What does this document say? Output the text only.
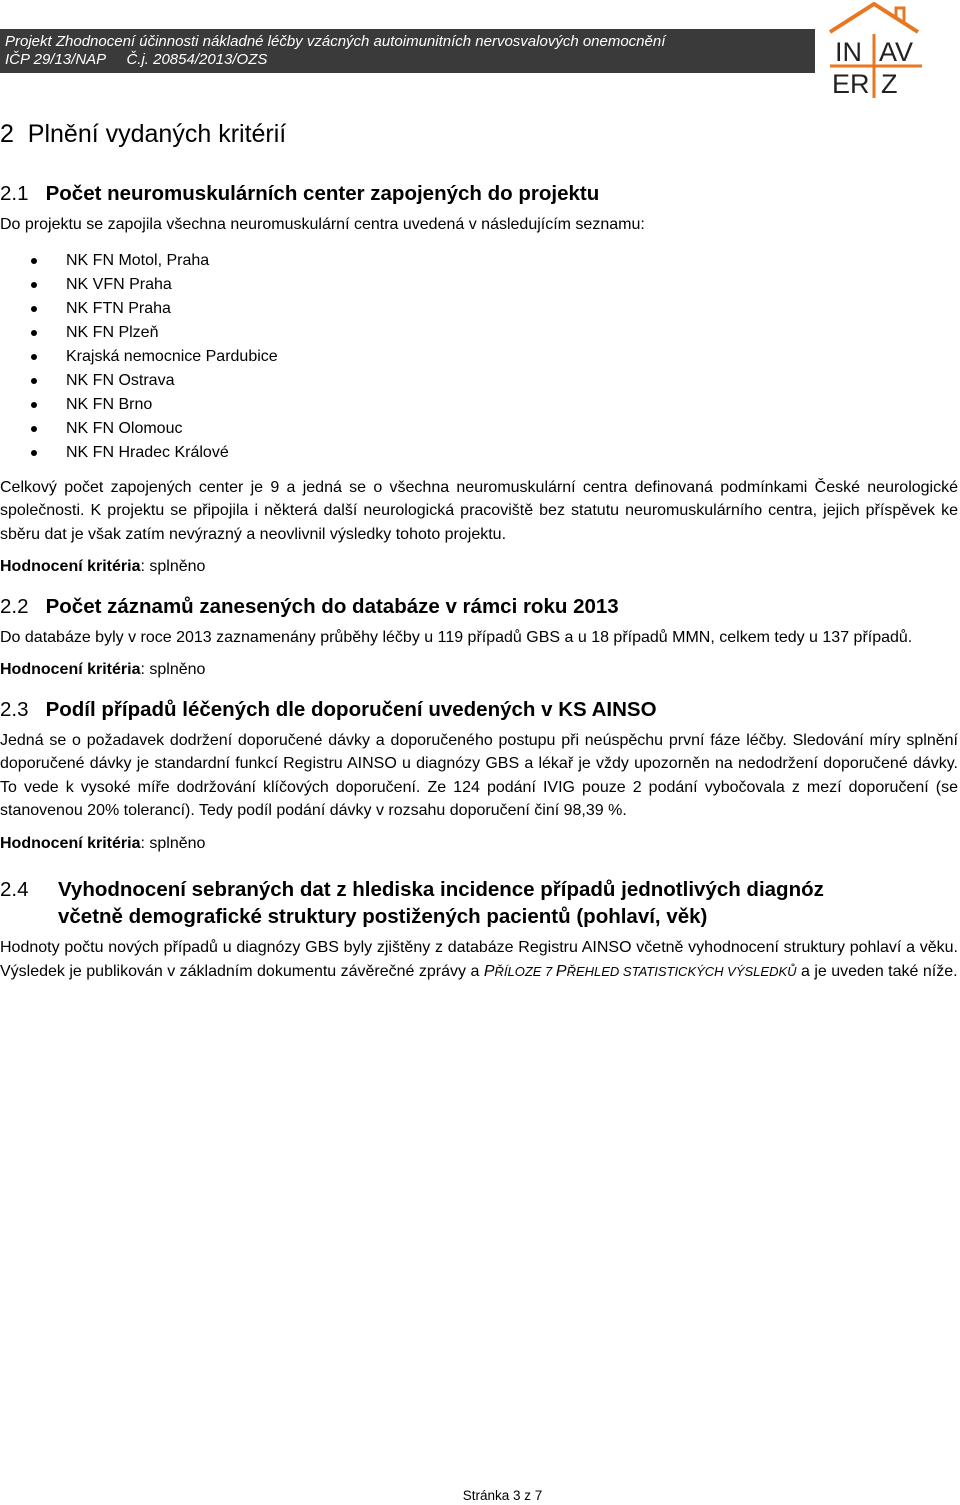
Projekt Zhodnocení účinnosti nákladné léčby vzácných autoimunitních nervosvalových onemocnění
IČP 29/13/NAP     Č.j. 20854/2013/OZS	IN AV
ER Z
2  Plnění vydaných kritérií
2.1 Počet neuromuskulárních center zapojených do projektu

Do projektu se zapojila všechna neuromuskulární centra uvedená v následujícím seznamu:

NK FN Motol, Praha
NK VFN Praha
NK FTN Praha
NK FN Plzeň
Krajská nemocnice Pardubice
NK FN Ostrava
NK FN Brno
NK FN Olomouc
NK FN Hradec Králové

Celkový počet zapojených center je 9 a jedná se o všechna neuromuskulární centra definovaná podmínkami České neurologické společnosti. K projektu se připojila i některá další neurologická pracoviště bez statutu neuromuskulárního centra, jejich příspěvek ke sběru dat je však zatím nevýrazný a neovlivnil výsledky tohoto projektu.

Hodnocení kritéria: splněno
2.2 Počet záznamů zanesených do databáze v rámci roku 2013

Do databáze byly v roce 2013 zaznamenány průběhy léčby u 119 případů GBS a u 18 případů MMN, celkem tedy u 137 případů.

Hodnocení kritéria: splněno
2.3 Podíl případů léčených dle doporučení uvedených v KS AINSO

Jedná se o požadavek dodržení doporučené dávky a doporučeného postupu při neúspěchu první fáze léčby. Sledování míry splnění doporučené dávky je standardní funkcí Registru AINSO u diagnózy GBS a lékař je vždy upozorněn na nedodržení doporučené dávky. To vede k vysoké míře dodržování klíčových doporučení. Ze 124 podání IVIG pouze 2 podání vybočovala z mezí doporučení (se stanovenou 20% tolerancí). Tedy podíl podání dávky v rozsahu doporučení činí 98,39 %.

Hodnocení kritéria: splněno
2.4 Vyhodnocení sebraných dat z hlediska incidence případů jednotlivých diagnóz
včetně demografické struktury postižených pacientů (pohlaví, věk)

Hodnoty počtu nových případů u diagnózy GBS byly zjištěny z databáze Registru AINSO včetně vyhodnocení struktury pohlaví a věku. Výsledek je publikován v základním dokumentu závěrečné zprávy a PŘÍLOZE 7 PŘEHLED STATISTICKÝCH VÝSLEDKŮ a je uveden také níže.

Stránka 3 z 7
